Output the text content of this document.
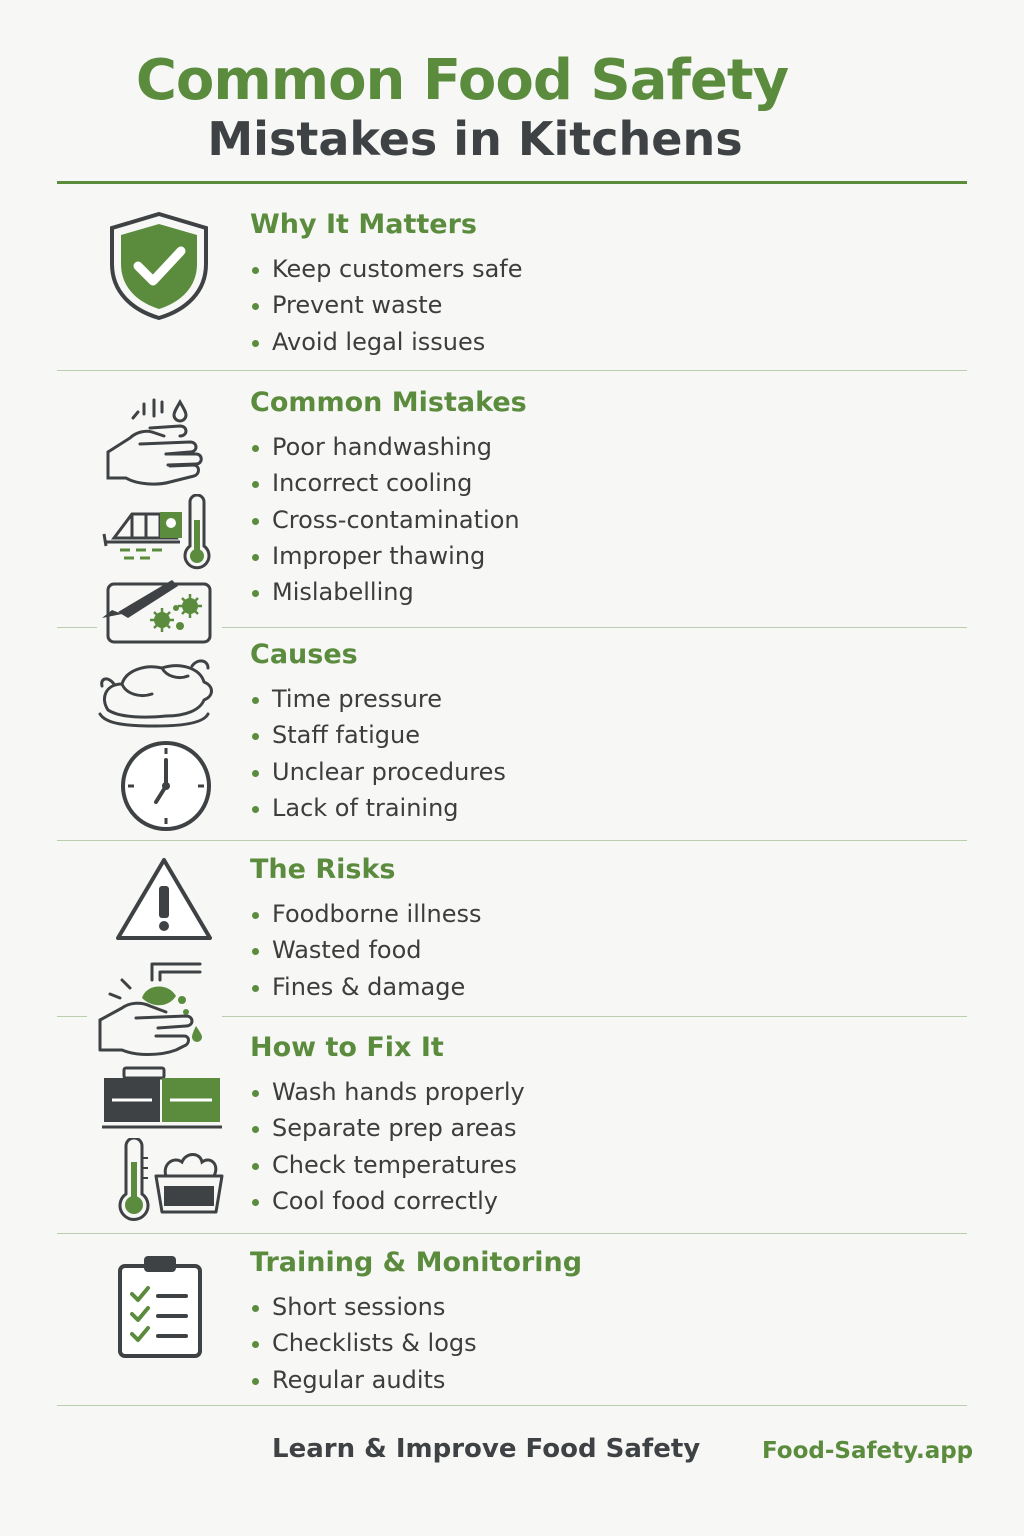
Common Food Safety
Mistakes in Kitchens
Why It Matters
Keep customers safe
Prevent waste
Avoid legal issues
Common Mistakes
Poor handwashing
Incorrect cooling
Cross-contamination
Improper thawing
Mislabelling
Causes
Time pressure
Staff fatigue
Unclear procedures
Lack of training
The Risks
Foodborne illness
Wasted food
Fines & damage
How to Fix It
Wash hands properly
Separate prep areas
Check temperatures
Cool food correctly
Training & Monitoring
Short sessions
Checklists & logs
Regular audits
Learn & Improve Food Safety	Food-Safety.app
